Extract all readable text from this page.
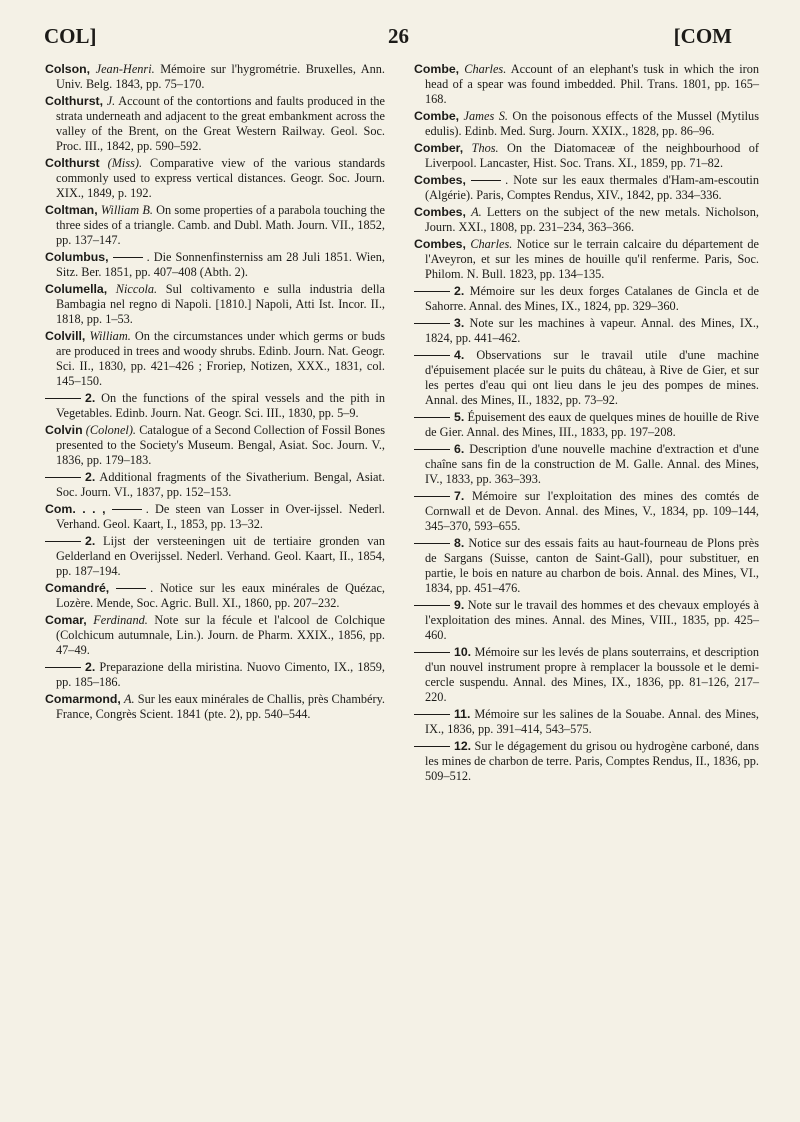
COL]	26	[COM
Colson, Jean-Henri. Mémoire sur l'hygrométrie. Bruxelles, Ann. Univ. Belg. 1843, pp. 75–170.
Colthurst, J. Account of the contortions and faults produced in the strata underneath and adjacent to the great embankment across the valley of the Brent, on the Great Western Railway. Geol. Soc. Proc. III., 1842, pp. 590–592.
Colthurst (Miss). Comparative view of the various standards commonly used to express vertical distances. Geogr. Soc. Journ. XIX., 1849, p. 192.
Coltman, William B. On some properties of a parabola touching the three sides of a triangle. Camb. and Dubl. Math. Journ. VII., 1852, pp. 137–147.
Columbus,	. Die Sonnenfinsterniss am 28 Juli 1851. Wien, Sitz. Ber. 1851, pp. 407–408 (Abth. 2).
Columella, Niccola. Sul coltivamento e sulla industria della Bambagia nel regno di Napoli. [1810.] Napoli, Atti Ist. Incor. II., 1818, pp. 1–53.
Colvill, William. On the circumstances under which germs or buds are produced in trees and woody shrubs. Edinb. Journ. Nat. Geogr. Sci. II., 1830, pp. 421–426 ; Froriep, Notizen, XXX., 1831, col. 145–150.
2. On the functions of the spiral vessels and the pith in Vegetables. Edinb. Journ. Nat. Geogr. Sci. III., 1830, pp. 5–9.
Colvin (Colonel). Catalogue of a Second Collection of Fossil Bones presented to the Society's Museum. Bengal, Asiat. Soc. Journ. V., 1836, pp. 179–183.
2. Additional fragments of the Sivatherium. Bengal, Asiat. Soc. Journ. VI., 1837, pp. 152–153.
Com. . . ,	. De steen van Losser in Over-ijssel. Nederl. Verhand. Geol. Kaart, I., 1853, pp. 13–32.
2. Lijst der versteeningen uit de tertiaire gronden van Gelderland en Overijssel. Nederl. Verhand. Geol. Kaart, II., 1854, pp. 187–194.
Comandré,	. Notice sur les eaux minérales de Quézac, Lozère. Mende, Soc. Agric. Bull. XI., 1860, pp. 207–232.
Comar, Ferdinand. Note sur la fécule et l'alcool de Colchique (Colchicum autumnale, Lin.). Journ. de Pharm. XXIX., 1856, pp. 47–49.
2. Preparazione della miristina. Nuovo Cimento, IX., 1859, pp. 185–186.
Comarmond, A. Sur les eaux minérales de Challis, près Chambéry. France, Congrès Scient. 1841 (pte. 2), pp. 540–544.
Combe, Charles. Account of an elephant's tusk in which the iron head of a spear was found imbedded. Phil. Trans. 1801, pp. 165–168.
Combe, James S. On the poisonous effects of the Mussel (Mytilus edulis). Edinb. Med. Surg. Journ. XXIX., 1828, pp. 86–96.
Comber, Thos. On the Diatomaceæ of the neighbourhood of Liverpool. Lancaster, Hist. Soc. Trans. XI., 1859, pp. 71–82.
Combes,	. Note sur les eaux thermales d'Ham-am-escoutin (Algérie). Paris, Comptes Rendus, XIV., 1842, pp. 334–336.
Combes, A. Letters on the subject of the new metals. Nicholson, Journ. XXI., 1808, pp. 231–234, 363–366.
Combes, Charles. Notice sur le terrain calcaire du département de l'Aveyron, et sur les mines de houille qu'il renferme. Paris, Soc. Philom. N. Bull. 1823, pp. 134–135.
2. Mémoire sur les deux forges Catalanes de Gincla et de Sahorre. Annal. des Mines, IX., 1824, pp. 329–360.
3. Note sur les machines à vapeur. Annal. des Mines, IX., 1824, pp. 441–462.
4. Observations sur le travail utile d'une machine d'épuisement placée sur le puits du château, à Rive de Gier, et sur les pertes d'eau qui ont lieu dans le jeu des pompes de mines. Annal. des Mines, II., 1832, pp. 73–92.
5. Épuisement des eaux de quelques mines de houille de Rive de Gier. Annal. des Mines, III., 1833, pp. 197–208.
6. Description d'une nouvelle machine d'extraction et d'une chaîne sans fin de la construction de M. Galle. Annal. des Mines, IV., 1833, pp. 363–393.
7. Mémoire sur l'exploitation des mines des comtés de Cornwall et de Devon. Annal. des Mines, V., 1834, pp. 109–144, 345–370, 593–655.
8. Notice sur des essais faits au haut-fourneau de Plons près de Sargans (Suisse, canton de Saint-Gall), pour substituer, en partie, le bois en nature au charbon de bois. Annal. des Mines, VI., 1834, pp. 451–476.
9. Note sur le travail des hommes et des chevaux employés à l'exploitation des mines. Annal. des Mines, VIII., 1835, pp. 425–460.
10. Mémoire sur les levés de plans souterrains, et description d'un nouvel instrument propre à remplacer la boussole et le demi-cercle suspendu. Annal. des Mines, IX., 1836, pp. 81–126, 217–220.
11. Mémoire sur les salines de la Souabe. Annal. des Mines, IX., 1836, pp. 391–414, 543–575.
12. Sur le dégagement du grisou ou hydrogène carboné, dans les mines de charbon de terre. Paris, Comptes Rendus, II., 1836, pp. 509–512.
